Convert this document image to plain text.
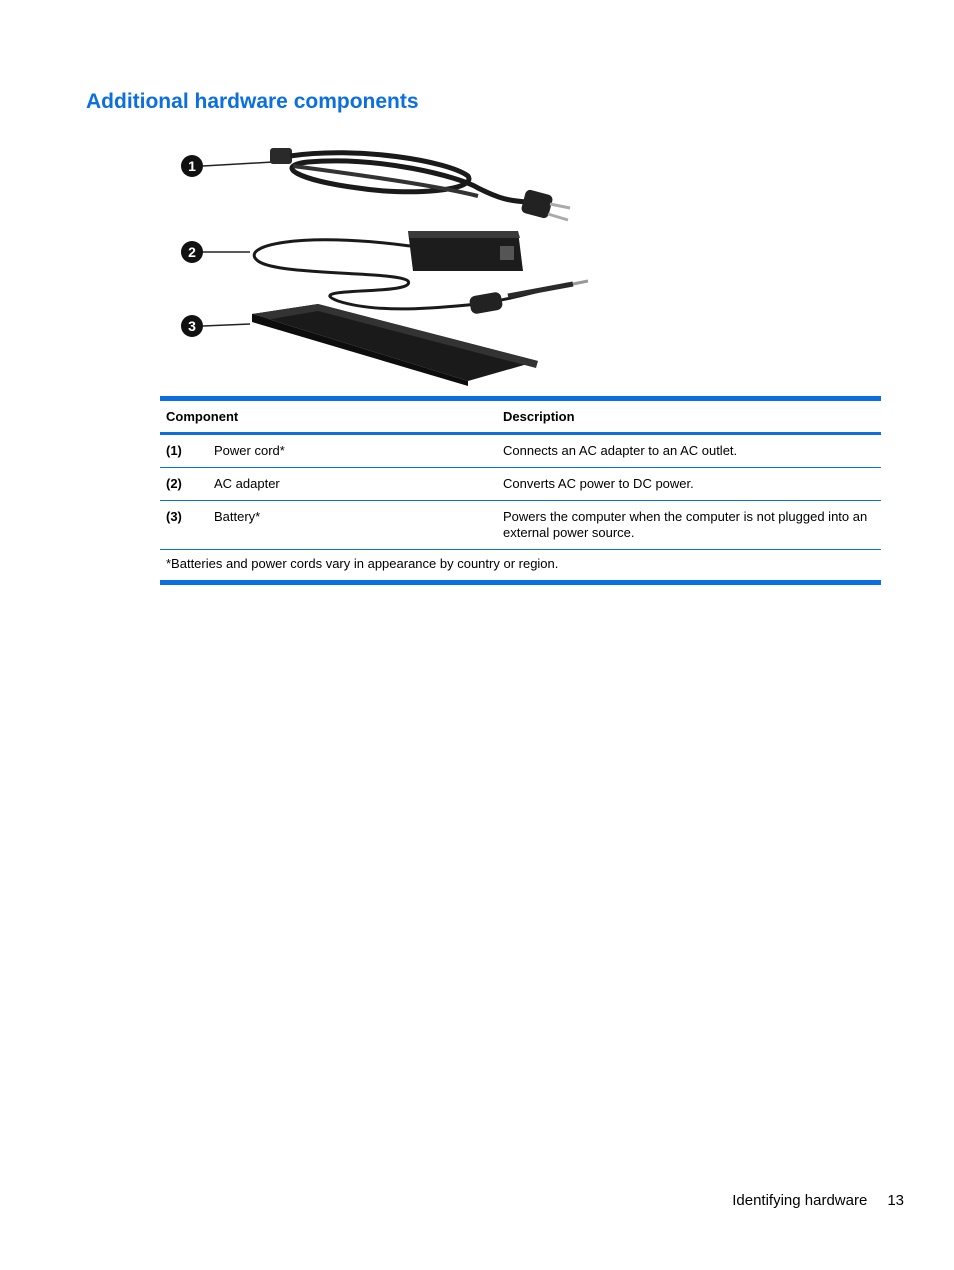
Additional hardware components
1
2
3
Component	Description
(1)	Power cord*	Connects an AC adapter to an AC outlet.
(2)	AC adapter	Converts AC power to DC power.
(3)	Battery*	Powers the computer when the computer is not plugged into an external power source.
*Batteries and power cords vary in appearance by country or region.
Identifying hardware 13
